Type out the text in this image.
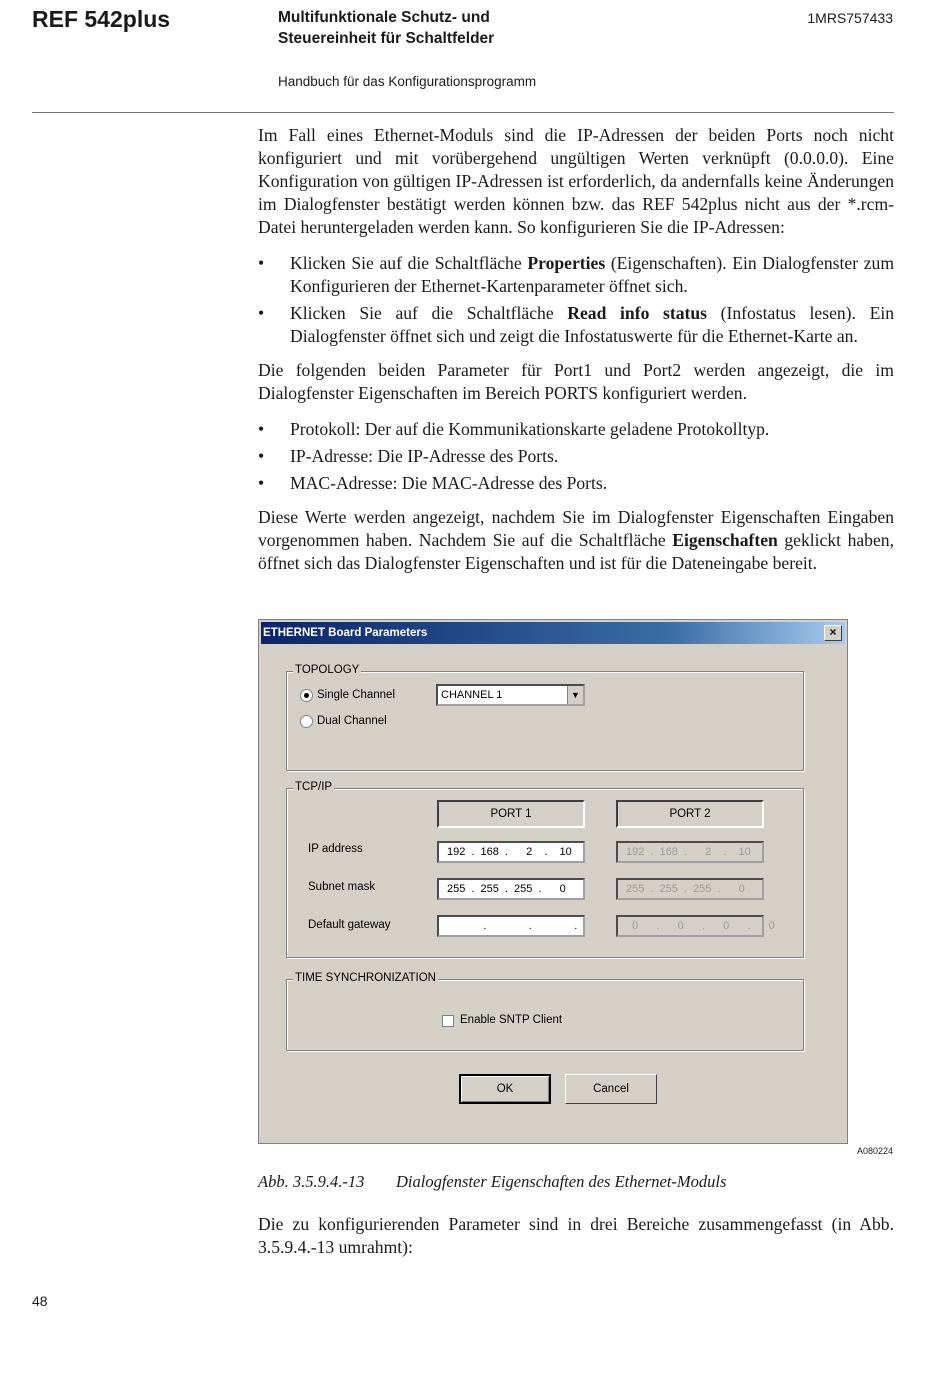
REF 542plus	Multifunktionale Schutz- und
Steuereinheit für Schaltfelder
1MRS757433
Handbuch für das Konfigurationsprogramm

Im Fall eines Ethernet-Moduls sind die IP-Adressen der beiden Ports noch nicht konfiguriert und mit vorübergehend ungültigen Werten verknüpft (0.0.0.0). Eine Konfiguration von gültigen IP-Adressen ist erforderlich, da andernfalls keine Änderungen im Dialogfenster bestätigt werden können bzw. das REF 542plus nicht aus der *.rcm-Datei heruntergeladen werden kann. So konfigurieren Sie die IP-Adressen:

• Klicken Sie auf die Schaltfläche Properties (Eigenschaften). Ein Dialogfenster zum Konfigurieren der Ethernet-Kartenparameter öffnet sich.
• Klicken Sie auf die Schaltfläche Read info status (Infostatus lesen). Ein Dialogfenster öffnet sich und zeigt die Infostatuswerte für die Ethernet-Karte an.

Die folgenden beiden Parameter für Port1 und Port2 werden angezeigt, die im Dialogfenster Eigenschaften im Bereich PORTS konfiguriert werden.

• Protokoll: Der auf die Kommunikationskarte geladene Protokolltyp.
• IP-Adresse: Die IP-Adresse des Ports.
• MAC-Adresse: Die MAC-Adresse des Ports.

Diese Werte werden angezeigt, nachdem Sie im Dialogfenster Eigenschaften Eingaben vorgenommen haben. Nachdem Sie auf die Schaltfläche Eigenschaften geklickt haben, öffnet sich das Dialogfenster Eigenschaften und ist für die Dateneingabe bereit.

ETHERNET Board Parameters	×
TOPOLOGY
Single Channel
Dual Channel
CHANNEL 1	▼
TCP/IP
PORT 1	PORT 2
IP address	192 . 168 .   2  .  10	192 . 168 .   2  .  10
Subnet mask	255 . 255 . 255 .   0	255 . 255 . 255 .   0
Default gateway	.       .       .	0   .   0   .   0   .   0
TIME SYNCHRONIZATION
Enable SNTP Client
OK	Cancel
A080224
Abb. 3.5.9.4.-13 Dialogfenster Eigenschaften des Ethernet-Moduls

Die zu konfigurierenden Parameter sind in drei Bereiche zusammengefasst (in Abb. 3.5.9.4.-13 umrahmt):

48
